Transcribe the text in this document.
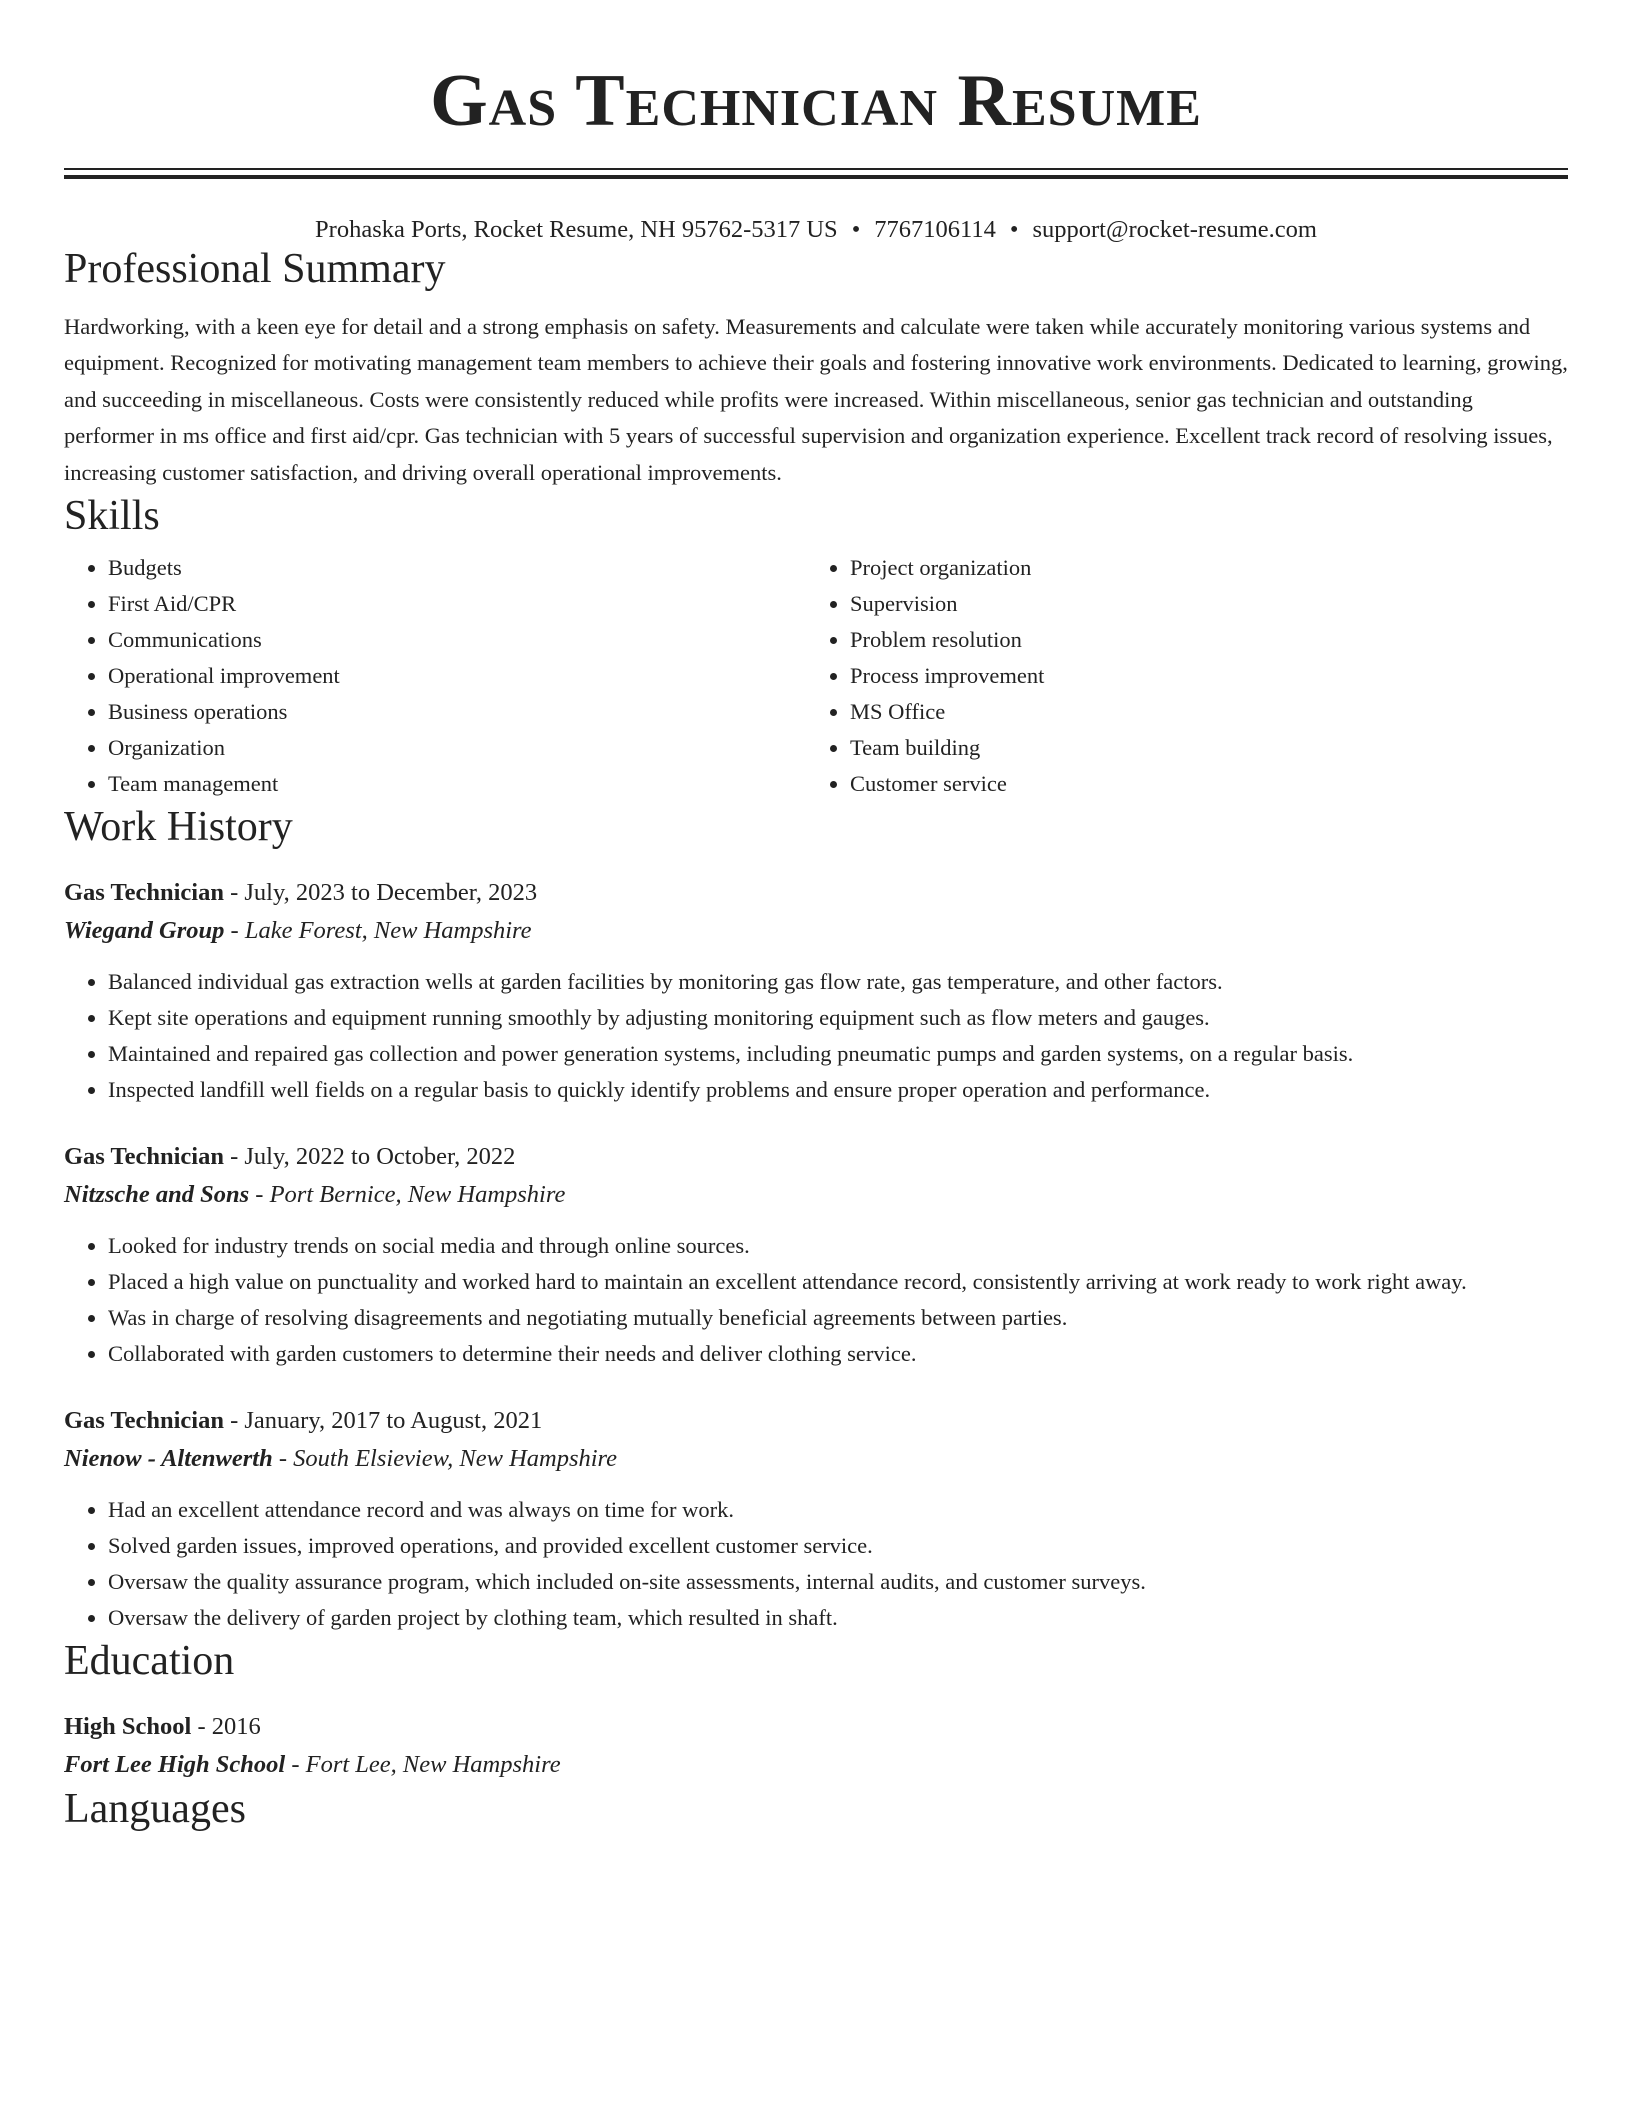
Gas Technician Resume
Prohaska Ports, Rocket Resume, NH 95762-5317 US • 7767106114 • support@rocket-resume.com
Professional Summary

Hardworking, with a keen eye for detail and a strong emphasis on safety. Measurements and calculate were taken while accurately monitoring various systems and equipment. Recognized for motivating management team members to achieve their goals and fostering innovative work environments. Dedicated to learning, growing, and succeeding in miscellaneous. Costs were consistently reduced while profits were increased. Within miscellaneous, senior gas technician and outstanding performer in ms office and first aid/cpr. Gas technician with 5 years of successful supervision and organization experience. Excellent track record of resolving issues, increasing customer satisfaction, and driving overall operational improvements.

Skills
• Budgets
• First Aid/CPR
• Communications
• Operational improvement
• Business operations
• Organization
• Team management
• Project organization
• Supervision
• Problem resolution
• Process improvement
• MS Office
• Team building
• Customer service
Work History
Gas Technician - July, 2023 to December, 2023
Wiegand Group - Lake Forest, New Hampshire
• Balanced individual gas extraction wells at garden facilities by monitoring gas flow rate, gas temperature, and other factors.
• Kept site operations and equipment running smoothly by adjusting monitoring equipment such as flow meters and gauges.
• Maintained and repaired gas collection and power generation systems, including pneumatic pumps and garden systems, on a regular basis.
• Inspected landfill well fields on a regular basis to quickly identify problems and ensure proper operation and performance.
Gas Technician - July, 2022 to October, 2022
Nitzsche and Sons - Port Bernice, New Hampshire
• Looked for industry trends on social media and through online sources.
• Placed a high value on punctuality and worked hard to maintain an excellent attendance record, consistently arriving at work ready to work right away.
• Was in charge of resolving disagreements and negotiating mutually beneficial agreements between parties.
• Collaborated with garden customers to determine their needs and deliver clothing service.
Gas Technician - January, 2017 to August, 2021
Nienow - Altenwerth - South Elsieview, New Hampshire
• Had an excellent attendance record and was always on time for work.
• Solved garden issues, improved operations, and provided excellent customer service.
• Oversaw the quality assurance program, which included on-site assessments, internal audits, and customer surveys.
• Oversaw the delivery of garden project by clothing team, which resulted in shaft.
Education
High School - 2016
Fort Lee High School - Fort Lee, New Hampshire
Languages
